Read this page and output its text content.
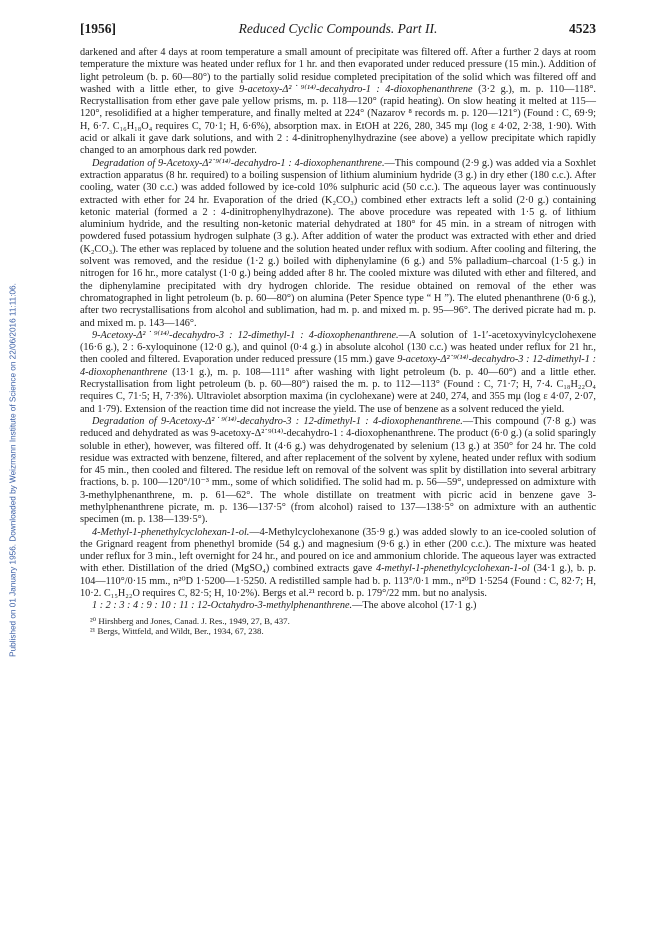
Published on 01 January 1956. Downloaded by Weizmann Institute of Science on 22/06/2016 11:11:06.
[1956]	Reduced Cyclic Compounds. Part II.	4523

darkened and after 4 days at room temperature a small amount of precipitate was filtered off. After a further 2 days at room temperature the mixture was heated under reflux for 1 hr. and then evaporated under reduced pressure (15 min.). Addition of light petroleum (b. p. 60—80°) to the partially solid residue completed precipitation of the solid which was filtered off and washed with a little ether, to give 9-acetoxy-Δ²˙⁹⁽¹⁴⁾-decahydro-1 : 4-dioxophenanthrene (3·2 g.), m. p. 110—118°. Recrystallisation from ether gave pale yellow prisms, m. p. 118—120° (rapid heating). On slow heating it melted at 115—120°, resolidified at a higher temperature, and finally melted at 224° (Nazarov ⁸ records m. p. 120—121°) (Found : C, 69·9; H, 6·7. C₁₆H₁₈O₄ requires C, 70·1; H, 6·6%), absorption max. in EtOH at 226, 280, 345 mμ (log ε 4·02, 2·38, 1·90). With acid or alkali it gave dark solutions, and with 2 : 4-dinitrophenylhydrazine (see above) a yellow precipitate which rapidly changed to an amorphous dark red powder.

Degradation of 9-Acetoxy-Δ²˙⁹⁽¹⁴⁾-decahydro-1 : 4-dioxophenanthrene.—This compound (2·9 g.) was added via a Soxhlet extraction apparatus (8 hr. required) to a boiling suspension of lithium aluminium hydride (3 g.) in dry ether (180 c.c.). After cooling, water (30 c.c.) was added followed by ice-cold 10% sulphuric acid (50 c.c.). The aqueous layer was continuously extracted with ether for 24 hr. Evaporation of the dried (K₂CO₃) combined ether extracts left a solid (2·0 g.) containing ketonic material (formed a 2 : 4-dinitrophenylhydrazone). The above procedure was repeated with 1·5 g. of lithium aluminium hydride, and the resulting non-ketonic material dehydrated at 180° for 45 min. in a stream of nitrogen with powdered fused potassium hydrogen sulphate (3 g.). After addition of water the product was extracted with ether and dried (K₂CO₃). The ether was replaced by toluene and the solution heated under reflux with sodium. After cooling and filtering, the solvent was removed, and the residue (1·2 g.) boiled with diphenylamine (6 g.) and 5% palladium–charcoal (1·5 g.) in nitrogen for 16 hr., more catalyst (1·0 g.) being added after 8 hr. The cooled mixture was diluted with ether and filtered, and the diphenylamine precipitated with dry hydrogen chloride. The residue obtained on removal of the ether was chromatographed in light petroleum (b. p. 60—80°) on alumina (Peter Spence type “ H ”). The eluted phenanthrene (0·6 g.), after two recrystallisations from alcohol and sublimation, had m. p. and mixed m. p. 95—96°. The derived picrate had m. p. and mixed m. p. 143—146°.

9-Acetoxy-Δ²˙⁹⁽¹⁴⁾-decahydro-3 : 12-dimethyl-1 : 4-dioxophenanthrene.—A solution of 1-1′-acetoxyvinylcyclohexene (16·6 g.), 2 : 6-xyloquinone (12·0 g.), and quinol (0·4 g.) in absolute alcohol (130 c.c.) was heated under reflux for 21 hr., then cooled and filtered. Evaporation under reduced pressure (15 mm.) gave 9-acetoxy-Δ²˙⁹⁽¹⁴⁾-decahydro-3 : 12-dimethyl-1 : 4-dioxophenanthrene (13·1 g.), m. p. 108—111° after washing with light petroleum (b. p. 40—60°) and a little ether. Recrystallisation from light petroleum (b. p. 60—80°) raised the m. p. to 112—113° (Found : C, 71·7; H, 7·4. C₁₈H₂₂O₄ requires C, 71·5; H, 7·3%). Ultraviolet absorption maxima (in cyclohexane) were at 240, 274, and 355 mμ (log ε 4·07, 2·07, and 1·79). Extension of the reaction time did not increase the yield. The use of benzene as a solvent reduced the yield.

Degradation of 9-Acetoxy-Δ²˙⁹⁽¹⁴⁾-decahydro-3 : 12-dimethyl-1 : 4-dioxophenanthrene.—This compound (7·8 g.) was reduced and dehydrated as was 9-acetoxy-Δ²˙⁹⁽¹⁴⁾-decahydro-1 : 4-dioxophenanthrene. The product (6·0 g.) (a solid sparingly soluble in ether), however, was filtered off. It (4·6 g.) was dehydrogenated by selenium (13 g.) at 350° for 24 hr. The cold residue was extracted with benzene, filtered, and after replacement of the solvent by xylene, heated under reflux with sodium for 45 min., then cooled and filtered. The residue left on removal of the solvent was split by distillation into several arbitrary fractions, b. p. 100—120°/10⁻³ mm., some of which solidified. The solid had m. p. 56—59°, undepressed on admixture with 3-methylphenanthrene, m. p. 61—62°. The whole distillate on treatment with picric acid in benzene gave 3-methylphenanthrene picrate, m. p. 136—137·5° (from alcohol) raised to 137—138·5° on admixture with an authentic specimen (m. p. 138—139·5°).

4-Methyl-1-phenethylcyclohexan-1-ol.—4-Methylcyclohexanone (35·9 g.) was added slowly to an ice-cooled solution of the Grignard reagent from phenethyl bromide (54 g.) and magnesium (9·6 g.) in ether (200 c.c.). The mixture was heated under reflux for 3 min., left overnight for 24 hr., and poured on ice and ammonium chloride. The aqueous layer was extracted with ether. Distillation of the dried (MgSO₄) combined extracts gave 4-methyl-1-phenethylcyclohexan-1-ol (34·1 g.), b. p. 104—110°/0·15 mm., n²⁰D 1·5200—1·5250. A redistilled sample had b. p. 113°/0·1 mm., n²⁰D 1·5254 (Found : C, 82·7; H, 10·2. C₁₅H₂₂O requires C, 82·5; H, 10·2%). Bergs et al.²¹ record b. p. 179°/22 mm. but no analysis.

1 : 2 : 3 : 4 : 9 : 10 : 11 : 12-Octahydro-3-methylphenanthrene.—The above alcohol (17·1 g.)

²⁰ Hirshberg and Jones, Canad. J. Res., 1949, 27, B, 437.
²¹ Bergs, Wittfeld, and Wildt, Ber., 1934, 67, 238.
